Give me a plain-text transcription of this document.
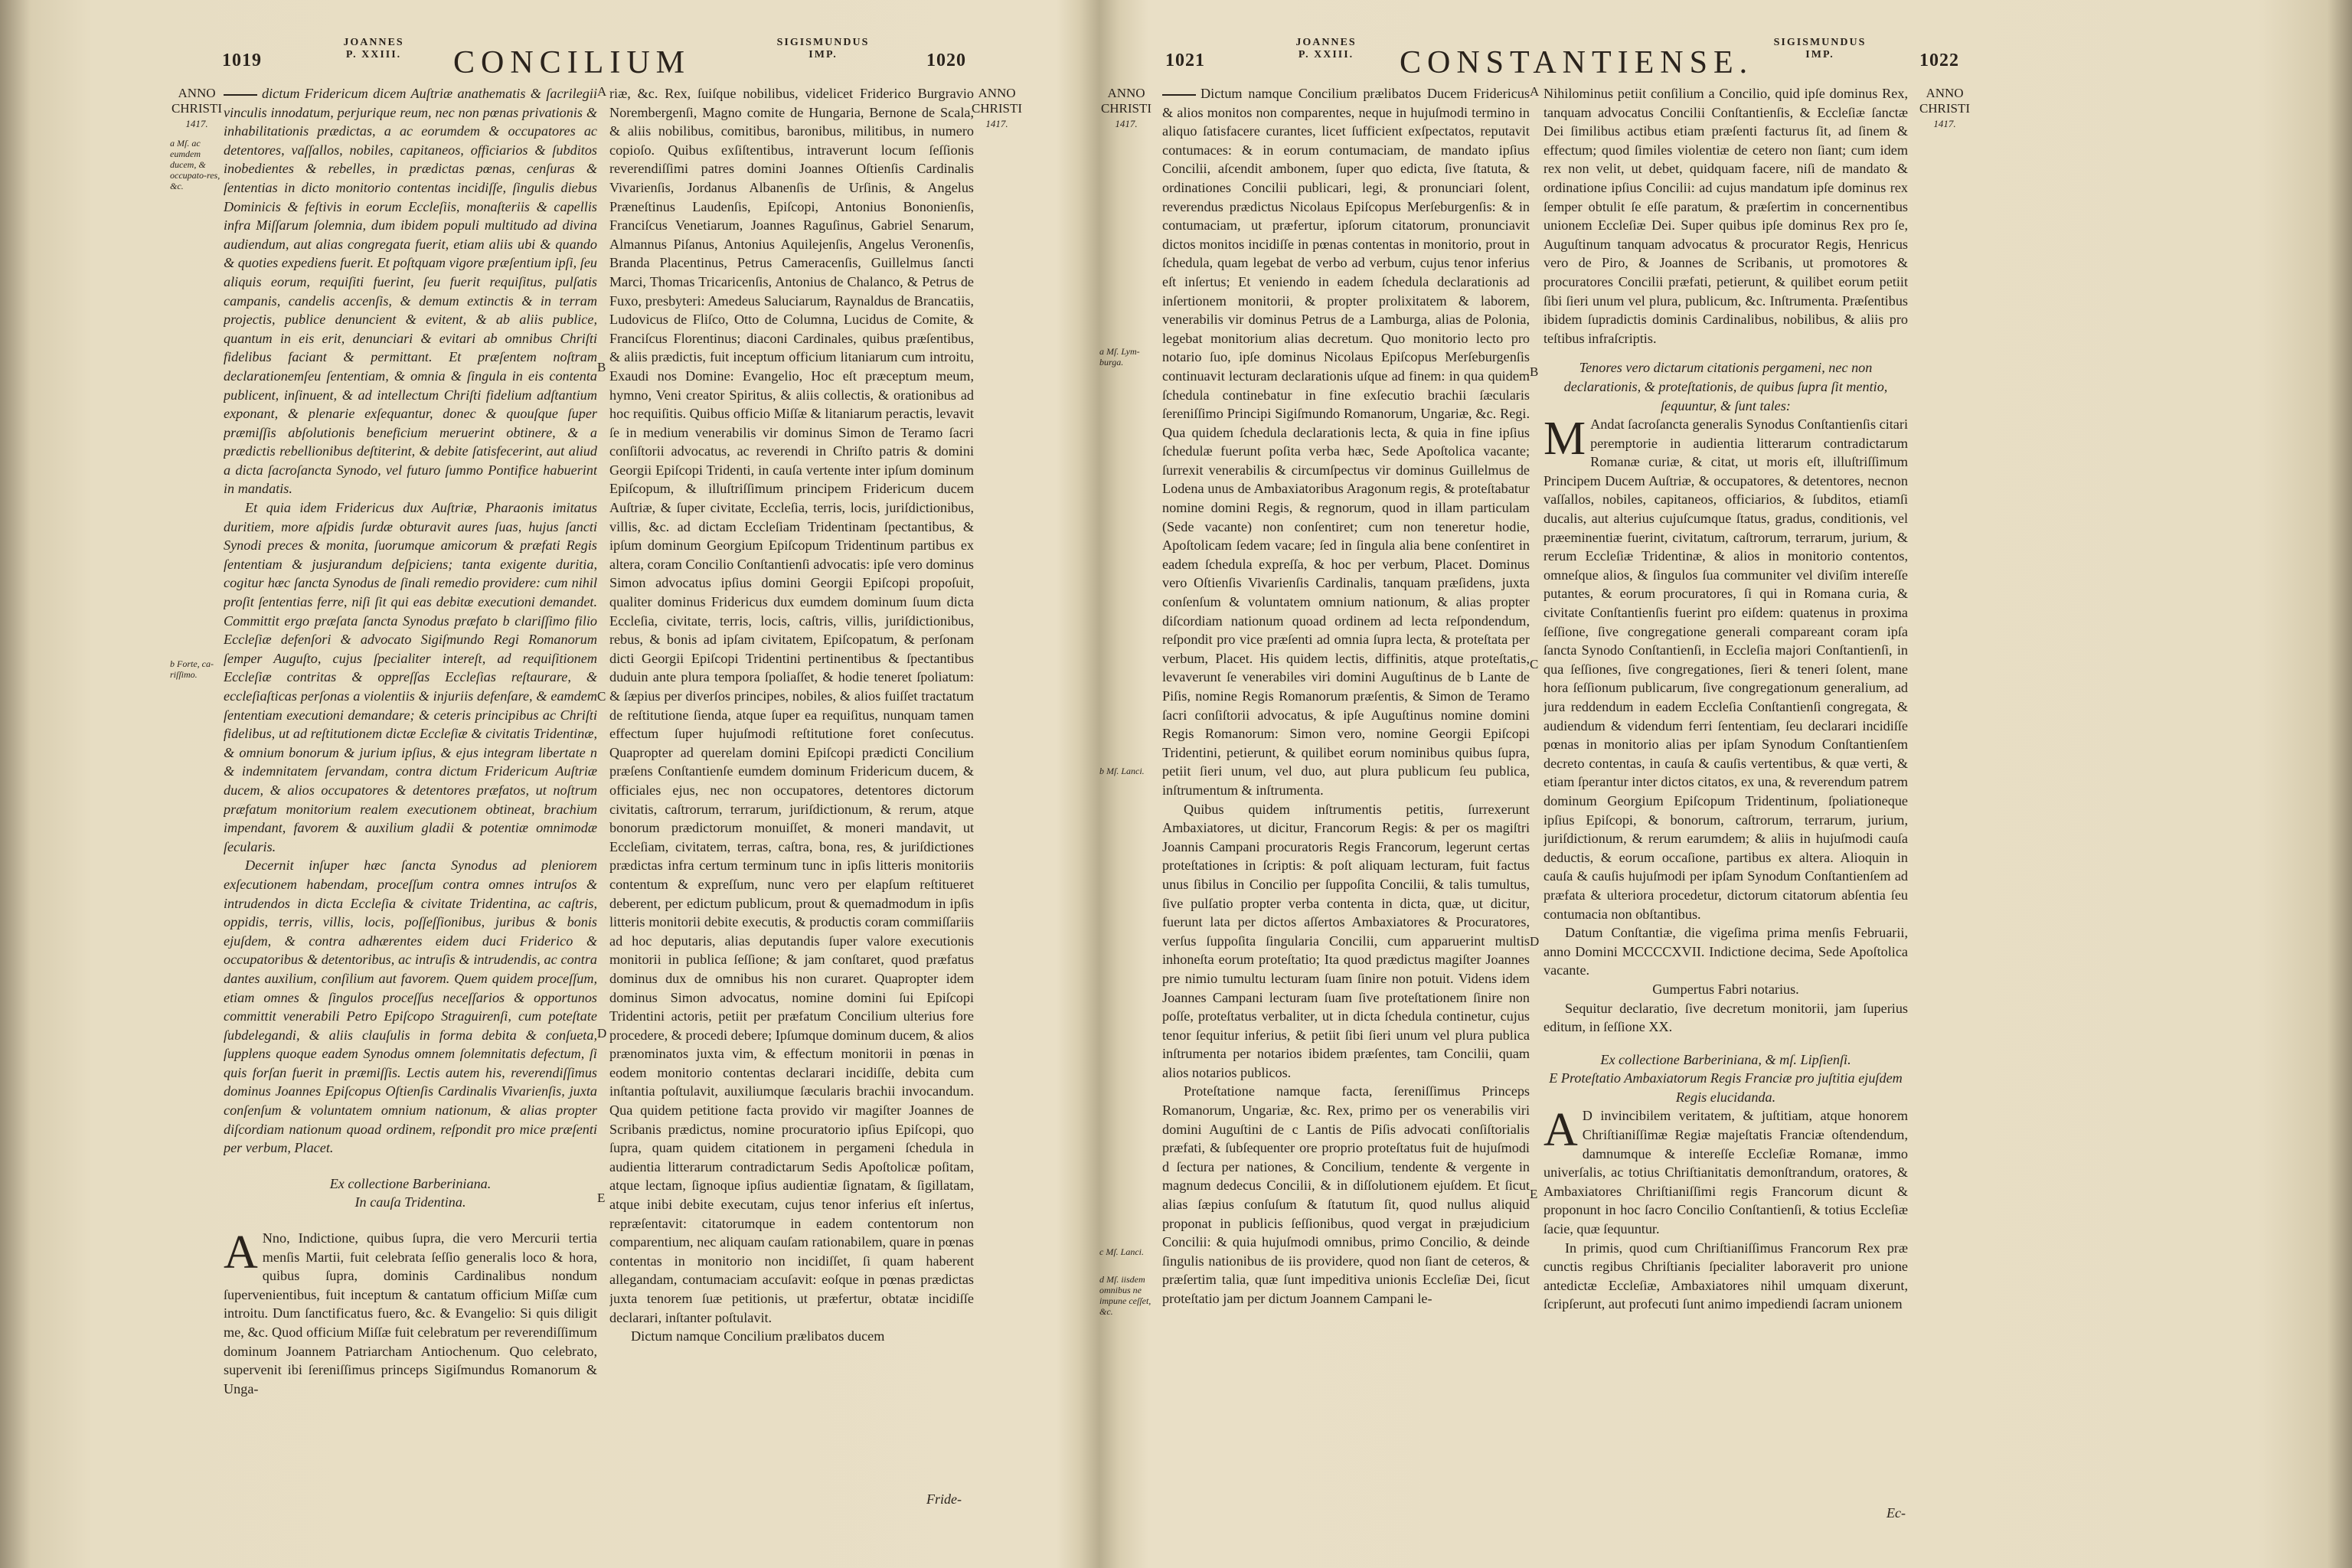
1019
JOANNES
P. XXIII.	CONCILIUM
SIGISMUNDUS
IMP.	1020
ANNO
CHRISTI
1417.
ANNO
CHRISTI
1417.
a Mſ. ac eumdem ducem, & occupato-res, &c.
b Forte, ca-riſſimo.

dictum Fridericum dicem Auſtriæ anathematis & ſacrilegii vinculis innodatum, perjurique reum, nec non pœnas privationis & inhabilitationis prædictas, a ac eorumdem & occupatores ac detentores, vaſſallos, nobiles, capitaneos, officiarios & ſubditos inobedientes & rebelles, in prædictas pœnas, cenſuras & ſententias in dicto monitorio contentas incidiſſe, ſingulis diebus Dominicis & feſtivis in eorum Eccleſiis, monaſteriis & capellis infra Miſſarum ſolemnia, dum ibidem populi multitudo ad divina audiendum, aut alias congregata fuerit, etiam aliis ubi & quando & quoties expediens fuerit. Et poſtquam vigore præſentium ipſi, ſeu aliquis eorum, requiſiti fuerint, ſeu fuerit requiſitus, pulſatis campanis, candelis accenſis, & demum extinctis & in terram projectis, publice denuncient & evitent, & ab aliis publice, quantum in eis erit, denunciari & evitari ab omnibus Chriſti fidelibus faciant & permittant. Et præſentem noſtram declarationemſeu ſententiam, & omnia & ſingula in eis contenta publicent, inſinuent, & ad intellectum Chriſti fidelium adſtantium exponant, & plenarie exſequantur, donec & quouſque ſuper præmiſſis abſolutionis beneficium meruerint obtinere, & a prædictis rebellionibus deſtiterint, & debite ſatisfecerint, aut aliud a dicta ſacroſancta Synodo, vel futuro ſummo Pontifice habuerint in mandatis.

Et quia idem Fridericus dux Auſtriæ, Pharaonis imitatus duritiem, more aſpidis ſurdæ obturavit aures ſuas, hujus ſancti Synodi preces & monita, ſuorumque amicorum & præfati Regis ſententiam & jusjurandum deſpiciens; tanta exigente duritia, cogitur hæc ſancta Synodus de ſinali remedio providere: cum nihil proſit ſententias ferre, niſi ſit qui eas debitæ executioni demandet. Committit ergo præſata ſancta Synodus præfato b clariſſimo filio Eccleſiæ defenſori & advocato Sigiſmundo Regi Romanorum ſemper Auguſto, cujus ſpecialiter intereſt, ad requiſitionem Eccleſiæ contritas & oppreſſas Eccleſias reſtaurare, & eccleſiaſticas perſonas a violentiis & injuriis defenſare, & eamdem ſententiam executioni demandare; & ceteris principibus ac Chriſti fidelibus, ut ad reſtitutionem dictæ Eccleſiæ & civitatis Tridentinæ, & omnium bonorum & jurium ipſius, & ejus integram libertate n & indemnitatem ſervandam, contra dictum Fridericum Auſtriæ ducem, & alios occupatores & detentores præfatos, ut noſtrum præfatum monitorium realem executionem obtineat, brachium impendant, favorem & auxilium gladii & potentiæ omnimodæ ſecularis.

Decernit inſuper hæc ſancta Synodus ad pleniorem exſecutionem habendam, proceſſum contra omnes intruſos & intrudendos in dicta Eccleſia & civitate Tridentina, ac caſtris, oppidis, terris, villis, locis, poſſeſſionibus, juribus & bonis ejuſdem, & contra adhærentes eidem duci Friderico & occupatoribus & detentoribus, ac intruſis & intrudendis, ac contra dantes auxilium, conſilium aut favorem. Quem quidem proceſſum, etiam omnes & ſingulos proceſſus neceſſarios & opportunos committit venerabili Petro Epiſcopo Straguirenſi, cum poteſtate ſubdelegandi, & aliis clauſulis in forma debita & conſueta, ſupplens quoque eadem Synodus omnem ſolemnitatis defectum, ſi quis forſan fuerit in præmiſſis. Lectis autem his, reverendiſſimus dominus Joannes Epiſcopus Oſtienſis Cardinalis Vivarienſis, juxta conſenſum & voluntatem omnium nationum, & alias propter diſcordiam nationum quoad ordinem, reſpondit pro mice præſenti per verbum, Placet.

Ex collectione Barberiniana.

In cauſa Tridentina.

A Nno, Indictione, quibus ſupra, die vero Mercurii tertia menſis Martii, fuit celebrata ſeſſio generalis loco & hora, quibus ſupra, dominis Cardinalibus nondum ſupervenientibus, fuit inceptum & cantatum officium Miſſæ cum introitu. Dum ſanctificatus fuero, &c. & Evangelio: Si quis diligit me, &c. Quod officium Miſſæ fuit celebratum per reverendiſſimum dominum Joannem Patriarcham Antiochenum. Quo celebrato, supervenit ibi ſereniſſimus princeps Sigiſmundus Romanorum & Unga-

A
B
C
D
E

riæ, &c. Rex, ſuiſque nobilibus, videlicet Friderico Burgravio Norembergenſi, Magno comite de Hungaria, Bernone de Scala, & aliis nobilibus, comitibus, baronibus, militibus, in numero copioſo. Quibus exſiſtentibus, intraverunt locum ſeſſionis reverendiſſimi patres domini Joannes Oſtienſis Cardinalis Vivarienſis, Jordanus Albanenſis de Urſinis, & Angelus Præneſtinus Laudenſis, Epiſcopi, Antonius Bononienſis, Franciſcus Venetiarum, Joannes Raguſinus, Gabriel Senarum, Almannus Piſanus, Antonius Aquilejenſis, Angelus Veronenſis, Branda Placentinus, Petrus Cameracenſis, Guillelmus ſancti Marci, Thomas Tricaricenſis, Antonius de Chalanco, & Petrus de Fuxo, presbyteri: Amedeus Saluciarum, Raynaldus de Brancatiis, Ludovicus de Fliſco, Otto de Columna, Lucidus de Comite, & Franciſcus Florentinus; diaconi Cardinales, quibus præſentibus, & aliis prædictis, fuit inceptum officium litaniarum cum introitu, Exaudi nos Domine: Evangelio, Hoc eſt præceptum meum, hymno, Veni creator Spiritus, & aliis collectis, & orationibus ad hoc requiſitis. Quibus officio Miſſæ & litaniarum peractis, levavit ſe in medium venerabilis vir dominus Simon de Teramo ſacri conſiſtorii advocatus, ac reverendi in Chriſto patris & domini Georgii Epiſcopi Tridenti, in cauſa vertente inter ipſum dominum Epiſcopum, & illuſtriſſimum principem Fridericum ducem Auſtriæ, & ſuper civitate, Eccleſia, terris, locis, juriſdictionibus, villis, &c. ad dictam Eccleſiam Tridentinam ſpectantibus, & ipſum dominum Georgium Epiſcopum Tridentinum partibus ex altera, coram Concilio Conſtantienſi advocatis: ipſe vero dominus Simon advocatus ipſius domini Georgii Epiſcopi propoſuit, qualiter dominus Fridericus dux eumdem dominum ſuum dicta Eccleſia, civitate, terris, locis, caſtris, villis, juriſdictionibus, rebus, & bonis ad ipſam civitatem, Epiſcopatum, & perſonam dicti Georgii Epiſcopi Tridentini pertinentibus & ſpectantibus duduin ante plura tempora ſpoliaſſet, & hodie teneret ſpoliatum: & ſæpius per diverſos principes, nobiles, & alios fuiſſet tractatum de reſtitutione ſienda, atque ſuper ea requiſitus, nunquam tamen effectum ſuper hujuſmodi reſtitutione foret conſecutus. Quapropter ad querelam domini Epiſcopi prædicti Concilium præſens Conſtantienſe eumdem dominum Fridericum ducem, & officiales ejus, nec non occupatores, detentores dictorum civitatis, caſtrorum, terrarum, juriſdictionum, & rerum, atque bonorum prædictorum monuiſſet, & moneri mandavit, ut Eccleſiam, civitatem, terras, caſtra, bona, res, & juriſdictiones prædictas infra certum terminum tunc in ipſis litteris monitoriis contentum & expreſſum, nunc vero per elapſum reſtitueret deberent, per edictum publicum, prout & quemadmodum in ipſis litteris monitorii debite executis, & productis coram commiſſariis ad hoc deputaris, alias deputandis ſuper valore executionis monitorii in publica ſeſſione; & jam conſtaret, quod præfatus dominus dux de omnibus his non curaret. Quapropter idem dominus Simon advocatus, nomine domini ſui Epiſcopi Tridentini actoris, petiit per præfatum Concilium ulterius fore procedere, & procedi debere; Ipſumque dominum ducem, & alios prænominatos juxta vim, & effectum monitorii in pœnas in eodem monitorio contentas declarari incidiſſe, debita cum inſtantia poſtulavit, auxiliumque ſæcularis brachii invocandum. Qua quidem petitione facta provido vir magiſter Joannes de Scribanis prædictus, nomine procuratorio ipſius Epiſcopi, quo ſupra, quam quidem citationem in pergameni ſchedula in audientia litterarum contradictarum Sedis Apoſtolicæ poſitam, atque lectam, ſignoque ipſius audientiæ ſignatam, & ſigillatam, atque inibi debite executam, cujus tenor inferius eſt inſertus, repræſentavit: citatorumque in eadem contentorum non comparentium, nec aliquam cauſam rationabilem, quare in pœnas contentas in monitorio non incidiſſet, ſi quam haberent allegandam, contumaciam accuſavit: eoſque in pœnas prædictas juxta tenorem ſuæ petitionis, ut præfertur, obtatæ incidiſſe declarari, inſtanter poſtulavit.

Dictum namque Concilium prælibatos ducem

Fride-
1021
JOANNES
P. XXIII.	CONSTANTIENSE.
SIGISMUNDUS
IMP.	1022
ANNO
CHRISTI
1417.
ANNO
CHRISTI
1417.
a Mſ. Lym-burga.
b Mſ. Lanci.
c Mſ. Lanci.
d Mſ. iisdem omnibus ne impune ceſſet, &c.

Dictum namque Concilium prælibatos Ducem Fridericus & alios monitos non comparentes, neque in hujuſmodi termino in aliquo ſatisfacere curantes, licet ſufficient exſpectatos, reputavit contumaces: & in eorum contumaciam, de mandato ipſius Concilii, aſcendit ambonem, ſuper quo edicta, ſive ſtatuta, & ordinationes Concilii publicari, legi, & pronunciari ſolent, reverendus prædictus Nicolaus Epiſcopus Merſeburgenſis: & in contumaciam, ut præfertur, ipſorum citatorum, pronunciavit dictos monitos incidiſſe in pœnas contentas in monitorio, prout in ſchedula, quam legebat de verbo ad verbum, cujus tenor inferius eſt inſertus; Et veniendo in eadem ſchedula declarationis ad inſertionem monitorii, & propter prolixitatem & laborem, venerabilis vir dominus Petrus de a Lamburga, alias de Polonia, legebat monitorium alias decretum. Quo monitorio lecto pro notario ſuo, ipſe dominus Nicolaus Epiſcopus Merſeburgenſis continuavit lecturam declarationis uſque ad finem: in qua quidem ſchedula continebatur in fine exſecutio brachii ſæcularis ſereniſſimo Principi Sigiſmundo Romanorum, Ungariæ, &c. Regi. Qua quidem ſchedula declarationis lecta, & quia in fine ipſius ſchedulæ fuerunt poſita verba hæc, Sede Apoſtolica vacante; ſurrexit venerabilis & circumſpectus vir dominus Guillelmus de Lodena unus de Ambaxiatoribus Aragonum regis, & proteſtabatur nomine domini Regis, & regnorum, quod in illam particulam (Sede vacante) non conſentiret; cum non teneretur hodie, Apoſtolicam ſedem vacare; ſed in ſingula alia bene conſentiret in eadem ſchedula expreſſa, & hoc per verbum, Placet. Dominus vero Oſtienſis Vivarienſis Cardinalis, tanquam præſidens, juxta conſenſum & voluntatem omnium nationum, & alias propter diſcordiam nationum quoad ordinem ad lecta reſpondendum, reſpondit pro vice præſenti ad omnia ſupra lecta, & proteſtata per verbum, Placet. His quidem lectis, diffinitis, atque proteſtatis, levaverunt ſe venerabiles viri domini Auguſtinus de b Lante de Piſis, nomine Regis Romanorum præſentis, & Simon de Teramo ſacri conſiſtorii advocatus, & ipſe Auguſtinus nomine domini Regis Romanorum: Simon vero, nomine Georgii Epiſcopi Tridentini, petierunt, & quilibet eorum nominibus quibus ſupra, petiit ſieri unum, vel duo, aut plura publicum ſeu publica, inſtrumentum & inſtrumenta.

Quibus quidem inſtrumentis petitis, ſurrexerunt Ambaxiatores, ut dicitur, Francorum Regis: & per os magiſtri Joannis Campani procuratoris Regis Francorum, legerunt certas proteſtationes in ſcriptis: & poſt aliquam lecturam, fuit factus unus ſibilus in Concilio per ſuppoſita Concilii, & talis tumultus, ſive pulſatio propter verba contenta in dicta, quæ, ut dicitur, fuerunt lata per dictos aſſertos Ambaxiatores & Procuratores, verſus ſuppoſita ſingularia Concilii, cum apparuerint multis inhoneſta eorum proteſtatio; Ita quod prædictus magiſter Joannes pre nimio tumultu lecturam ſuam ſinire non potuit. Videns idem Joannes Campani lecturam ſuam ſive proteſtationem ſinire non poſſe, proteſtatus verbaliter, ut in dicta ſchedula continetur, cujus tenor ſequitur inferius, & petiit ſibi ſieri unum vel plura publica inſtrumenta per notarios ibidem præſentes, tam Concilii, quam alios notarios publicos.

Proteſtatione namque facta, ſereniſſimus Princeps Romanorum, Ungariæ, &c. Rex, primo per os venerabilis viri domini Auguſtini de c Lantis de Piſis advocati conſiſtorialis præfati, & ſubſequenter ore proprio proteſtatus fuit de hujuſmodi d ſectura per nationes, & Concilium, tendente & vergente in magnum dedecus Concilii, & in diſſolutionem ejuſdem. Et ſicut alias ſæpius conſuſum & ſtatutum ſit, quod nullus aliquid proponat in publicis ſeſſionibus, quod vergat in præjudicium Concilii: & quia hujuſmodi omnibus, primo Concilio, & deinde ſingulis nationibus de iis providere, quod non ſiant de ceteros, & præſertim talia, quæ ſunt impeditiva unionis Eccleſiæ Dei, ſicut proteſtatio jam per dictum Joannem Campani le-

A
B
C
D
E

Nihilominus petiit conſilium a Concilio, quid ipſe dominus Rex, tanquam advocatus Concilii Conſtantienſis, & Eccleſiæ ſanctæ Dei ſimilibus actibus etiam præſenti facturus ſit, ad ſinem & effectum; quod ſimiles violentiæ de cetero non ſiant; cum idem rex non velit, ut debet, quidquam facere, niſi de mandato & ordinatione ipſius Concilii: ad cujus mandatum ipſe dominus rex ſemper obtulit ſe eſſe paratum, & præſertim in concernentibus unionem Eccleſiæ Dei. Super quibus ipſe dominus Rex pro ſe, Auguſtinum tanquam advocatus & procurator Regis, Henricus vero de Piro, & Joannes de Scribanis, ut promotores & procuratores Concilii præfati, petierunt, & quilibet eorum petiit ſibi ſieri unum vel plura, publicum, &c. Inſtrumenta. Præſentibus ibidem ſupradictis dominis Cardinalibus, nobilibus, & aliis pro teſtibus infraſcriptis.

Tenores vero dictarum citationis pergameni, nec non declarationis, & proteſtationis, de quibus ſupra ſit mentio, ſequuntur, & ſunt tales:

M Andat ſacroſancta generalis Synodus Conſtantienſis citari peremptorie in audientia litterarum contradictarum Romanæ curiæ, & citat, ut moris eſt, illuſtriſſimum Principem Ducem Auſtriæ, & occupatores, & detentores, necnon vaſſallos, nobiles, capitaneos, officiarios, & ſubditos, etiamſi ducalis, aut alterius cujuſcumque ſtatus, gradus, conditionis, vel præeminentiæ fuerint, civitatum, caſtrorum, terrarum, jurium, & rerum Eccleſiæ Tridentinæ, & alios in monitorio contentos, omneſque alios, & ſingulos ſua communiter vel diviſim intereſſe putantes, & eorum procuratores, ſi qui in Romana curia, & civitate Conſtantienſis fuerint pro eiſdem: quatenus in proxima ſeſſione, ſive congregatione generali compareant coram ipſa ſancta Synodo Conſtantienſi, in Eccleſia majori Conſtantienſi, in qua ſeſſiones, ſive congregationes, ſieri & teneri ſolent, mane hora ſeſſionum publicarum, ſive congregationum generalium, ad jura reddendum in eadem Eccleſia Conſtantienſi congregata, & audiendum & videndum ferri ſententiam, ſeu declarari incidiſſe pœnas in monitorio alias per ipſam Synodum Conſtantienſem decreto contentas, in cauſa & cauſis vertentibus, & quæ verti, & etiam ſperantur inter dictos citatos, ex una, & reverendum patrem dominum Georgium Epiſcopum Tridentinum, ſpoliationeque ipſius Epiſcopi, & bonorum, caſtrorum, terrarum, jurium, juriſdictionum, & rerum earumdem; & aliis in hujuſmodi cauſa deductis, & eorum occaſione, partibus ex altera. Alioquin in cauſa & cauſis hujuſmodi per ipſam Synodum Conſtantienſem ad præfata & ulteriora procedetur, dictorum citatorum abſentia ſeu contumacia non obſtantibus.

Datum Conſtantiæ, die vigeſima prima menſis Februarii, anno Domini MCCCCXVII. Indictione decima, Sede Apoſtolica vacante.

Gumpertus Fabri notarius.

Sequitur declaratio, ſive decretum monitorii, jam ſuperius editum, in ſeſſione XX.

Ex collectione Barberiniana, & mſ. Lipſienſi.

E Proteſtatio Ambaxiatorum Regis Franciæ pro juſtitia ejuſdem Regis elucidanda.

A D invincibilem veritatem, & juſtitiam, atque honorem Chriſtianiſſimæ Regiæ majeſtatis Franciæ oſtendendum, damnumque & intereſſe Eccleſiæ Romanæ, immo univerſalis, ac totius Chriſtianitatis demonſtrandum, oratores, & Ambaxiatores Chriſtianiſſimi regis Francorum dicunt & proponunt in hoc ſacro Concilio Conſtantienſi, & totius Eccleſiæ ſacie, quæ ſequuntur.

In primis, quod cum Chriſtianiſſimus Francorum Rex præ cunctis regibus Chriſtianis ſpecialiter laboraverit pro unione antedictæ Eccleſiæ, Ambaxiatores nihil umquam dixerunt, ſcripſerunt, aut profecuti ſunt animo impediendi ſacram unionem

Ec-
